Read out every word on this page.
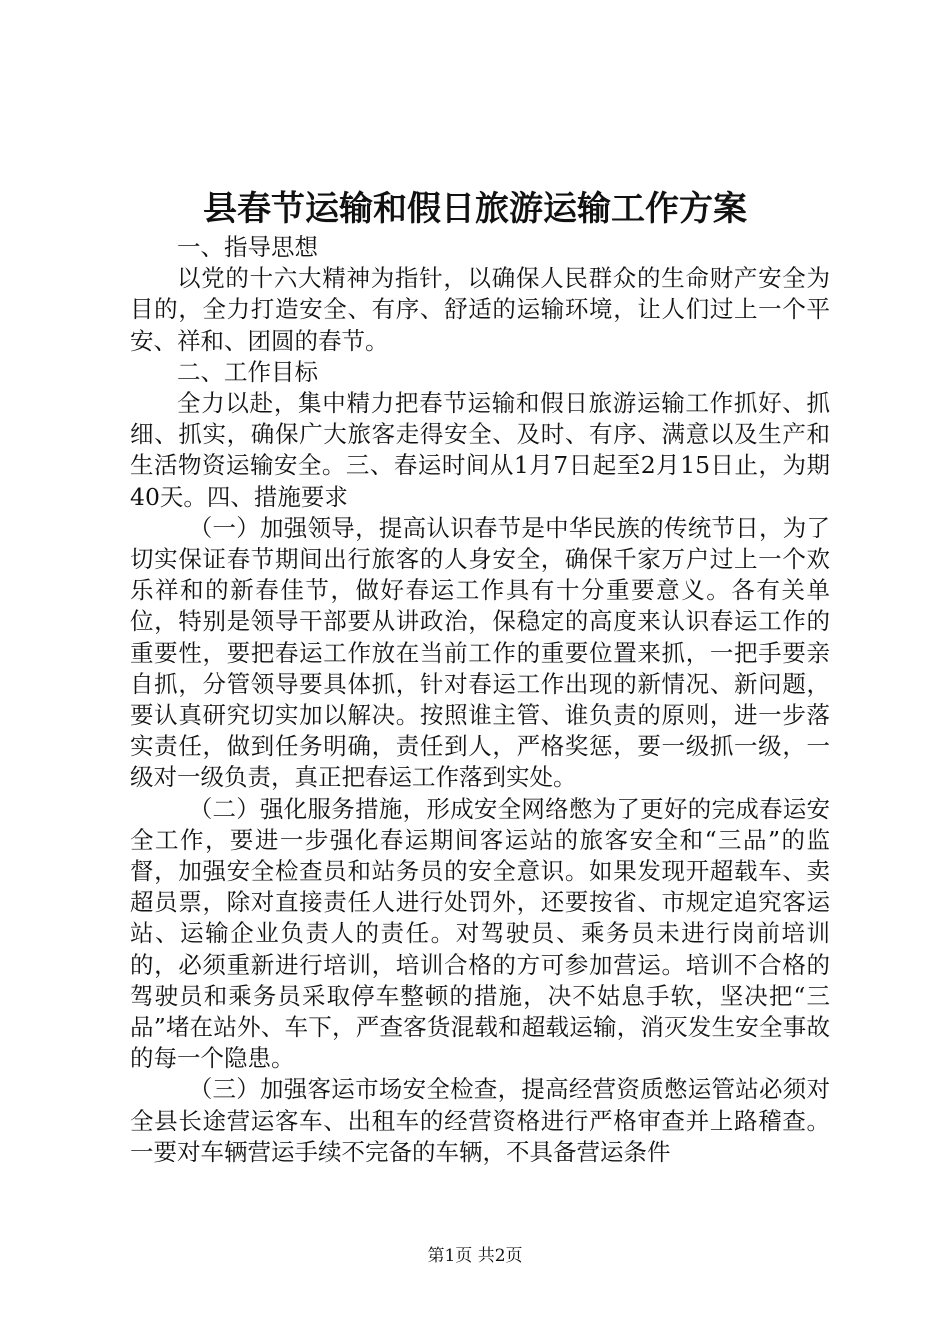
县春节运输和假日旅游运输工作方案

一、指导思想

以党的十六大精神为指针，以确保人民群众的生命财产安全为目的，全力打造安全、有序、舒适的运输环境，让人们过上一个平安、祥和、团圆的春节。

二、工作目标

全力以赴，集中精力把春节运输和假日旅游运输工作抓好、抓细、抓实，确保广大旅客走得安全、及时、有序、满意以及生产和生活物资运输安全。三、春运时间从1月7日起至2月15日止，为期40天。四、措施要求

（一）加强领导，提高认识春节是中华民族的传统节日，为了切实保证春节期间出行旅客的人身安全，确保千家万户过上一个欢乐祥和的新春佳节，做好春运工作具有十分重要意义。各有关单位，特别是领导干部要从讲政治，保稳定的高度来认识春运工作的重要性，要把春运工作放在当前工作的重要位置来抓，一把手要亲自抓，分管领导要具体抓，针对春运工作出现的新情况、新问题，要认真研究切实加以解决。按照谁主管、谁负责的原则，进一步落实责任，做到任务明确，责任到人，严格奖惩，要一级抓一级，一级对一级负责，真正把春运工作落到实处。

（二）强化服务措施，形成安全网络憋为了更好的完成春运安全工作，要进一步强化春运期间客运站的旅客安全和“三品”的监督，加强安全检查员和站务员的安全意识。如果发现开超载车、卖超员票，除对直接责任人进行处罚外，还要按省、市规定追究客运站、运输企业负责人的责任。对驾驶员、乘务员未进行岗前培训的，必须重新进行培训，培训合格的方可参加营运。培训不合格的驾驶员和乘务员采取停车整顿的措施，决不姑息手软，坚决把“三品”堵在站外、车下，严查客货混载和超载运输，消灭发生安全事故的每一个隐患。

（三）加强客运市场安全检查，提高经营资质憋运管站必须对全县长途营运客车、出租车的经营资格进行严格审查并上路稽查。一要对车辆营运手续不完备的车辆，不具备营运条件

第1页 共2页
